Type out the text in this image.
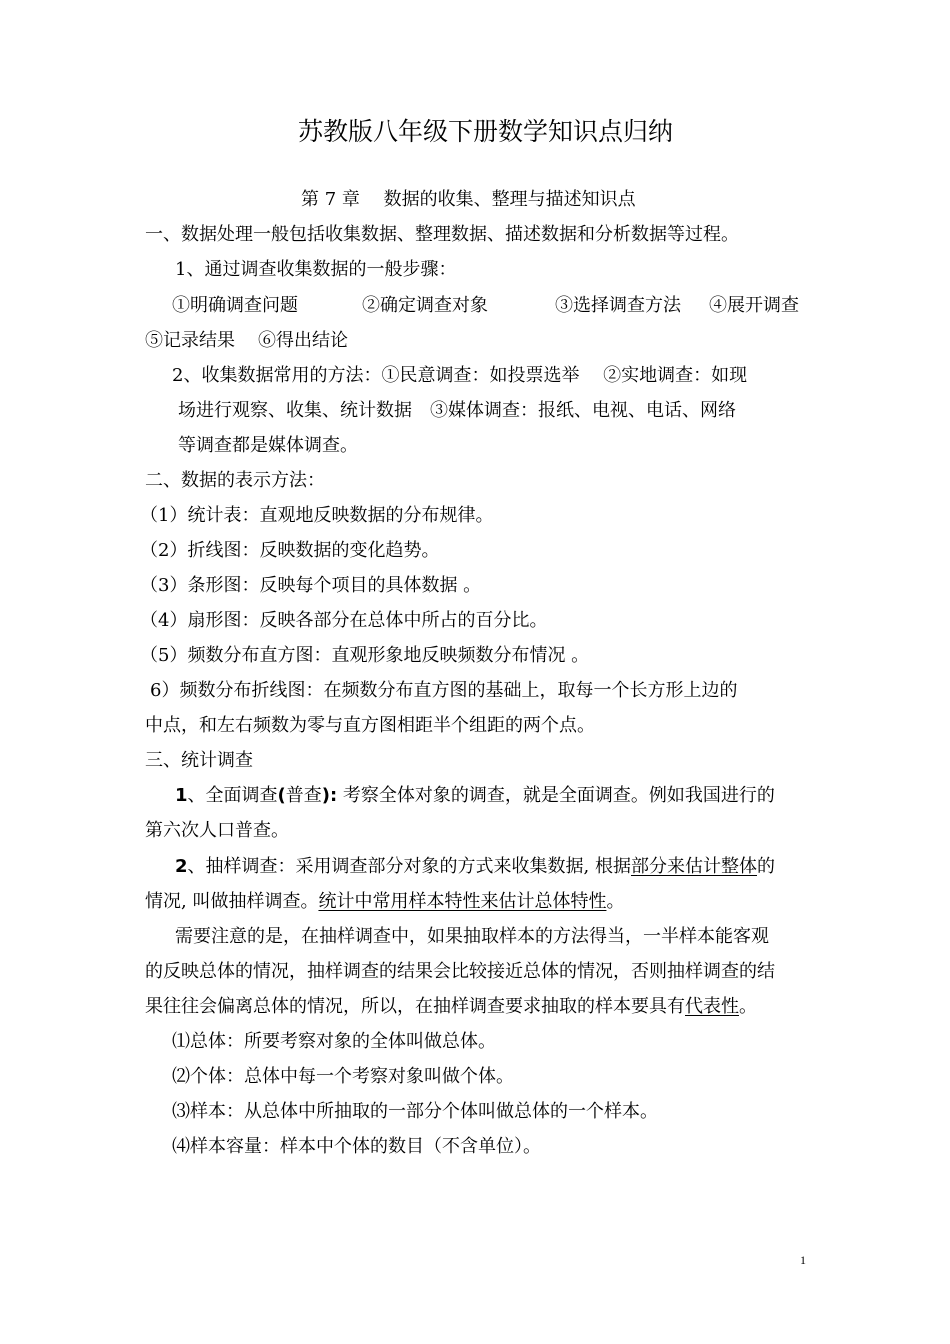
苏教版八年级下册数学知识点归纳
第 7 章　 数据的收集、整理与描述知识点
一、数据处理一般包括收集数据、整理数据、描述数据和分析数据等过程。
1、通过调查收集数据的一般步骤：
①明确调查问题	②确定调查对象	③选择调查方法 ④展开调查
⑤记录结果 ⑥得出结论
2、收集数据常用的方法：①民意调查：如投票选举　 ②实地调查：如现
场进行观察、收集、统计数据　③媒体调查：报纸、电视、电话、网络
等调查都是媒体调查。
二、数据的表示方法：
（1）统计表：直观地反映数据的分布规律。
（2）折线图：反映数据的变化趋势。
（3）条形图：反映每个项目的具体数据 。
（4）扇形图：反映各部分在总体中所占的百分比。
（5）频数分布直方图：直观形象地反映频数分布情况 。
6）频数分布折线图：在频数分布直方图的基础上，取每一个长方形上边的
中点，和左右频数为零与直方图相距半个组距的两个点。
三、统计调查
1、全面调查(普查): 考察全体对象的调查，就是全面调查。例如我国进行的
第六次人口普查。
2、抽样调查：采用调查部分对象的方式来收集数据, 根据部分来估计整体的
情况, 叫做抽样调查。统计中常用样本特性来估计总体特性。
需要注意的是，在抽样调查中，如果抽取样本的方法得当，一半样本能客观
的反映总体的情况，抽样调查的结果会比较接近总体的情况，否则抽样调查的结
果往往会偏离总体的情况，所以，在抽样调查要求抽取的样本要具有代表性。
⑴总体：所要考察对象的全体叫做总体。
⑵个体：总体中每一个考察对象叫做个体。
⑶样本：从总体中所抽取的一部分个体叫做总体的一个样本。
⑷样本容量：样本中个体的数目（不含单位）。
1
